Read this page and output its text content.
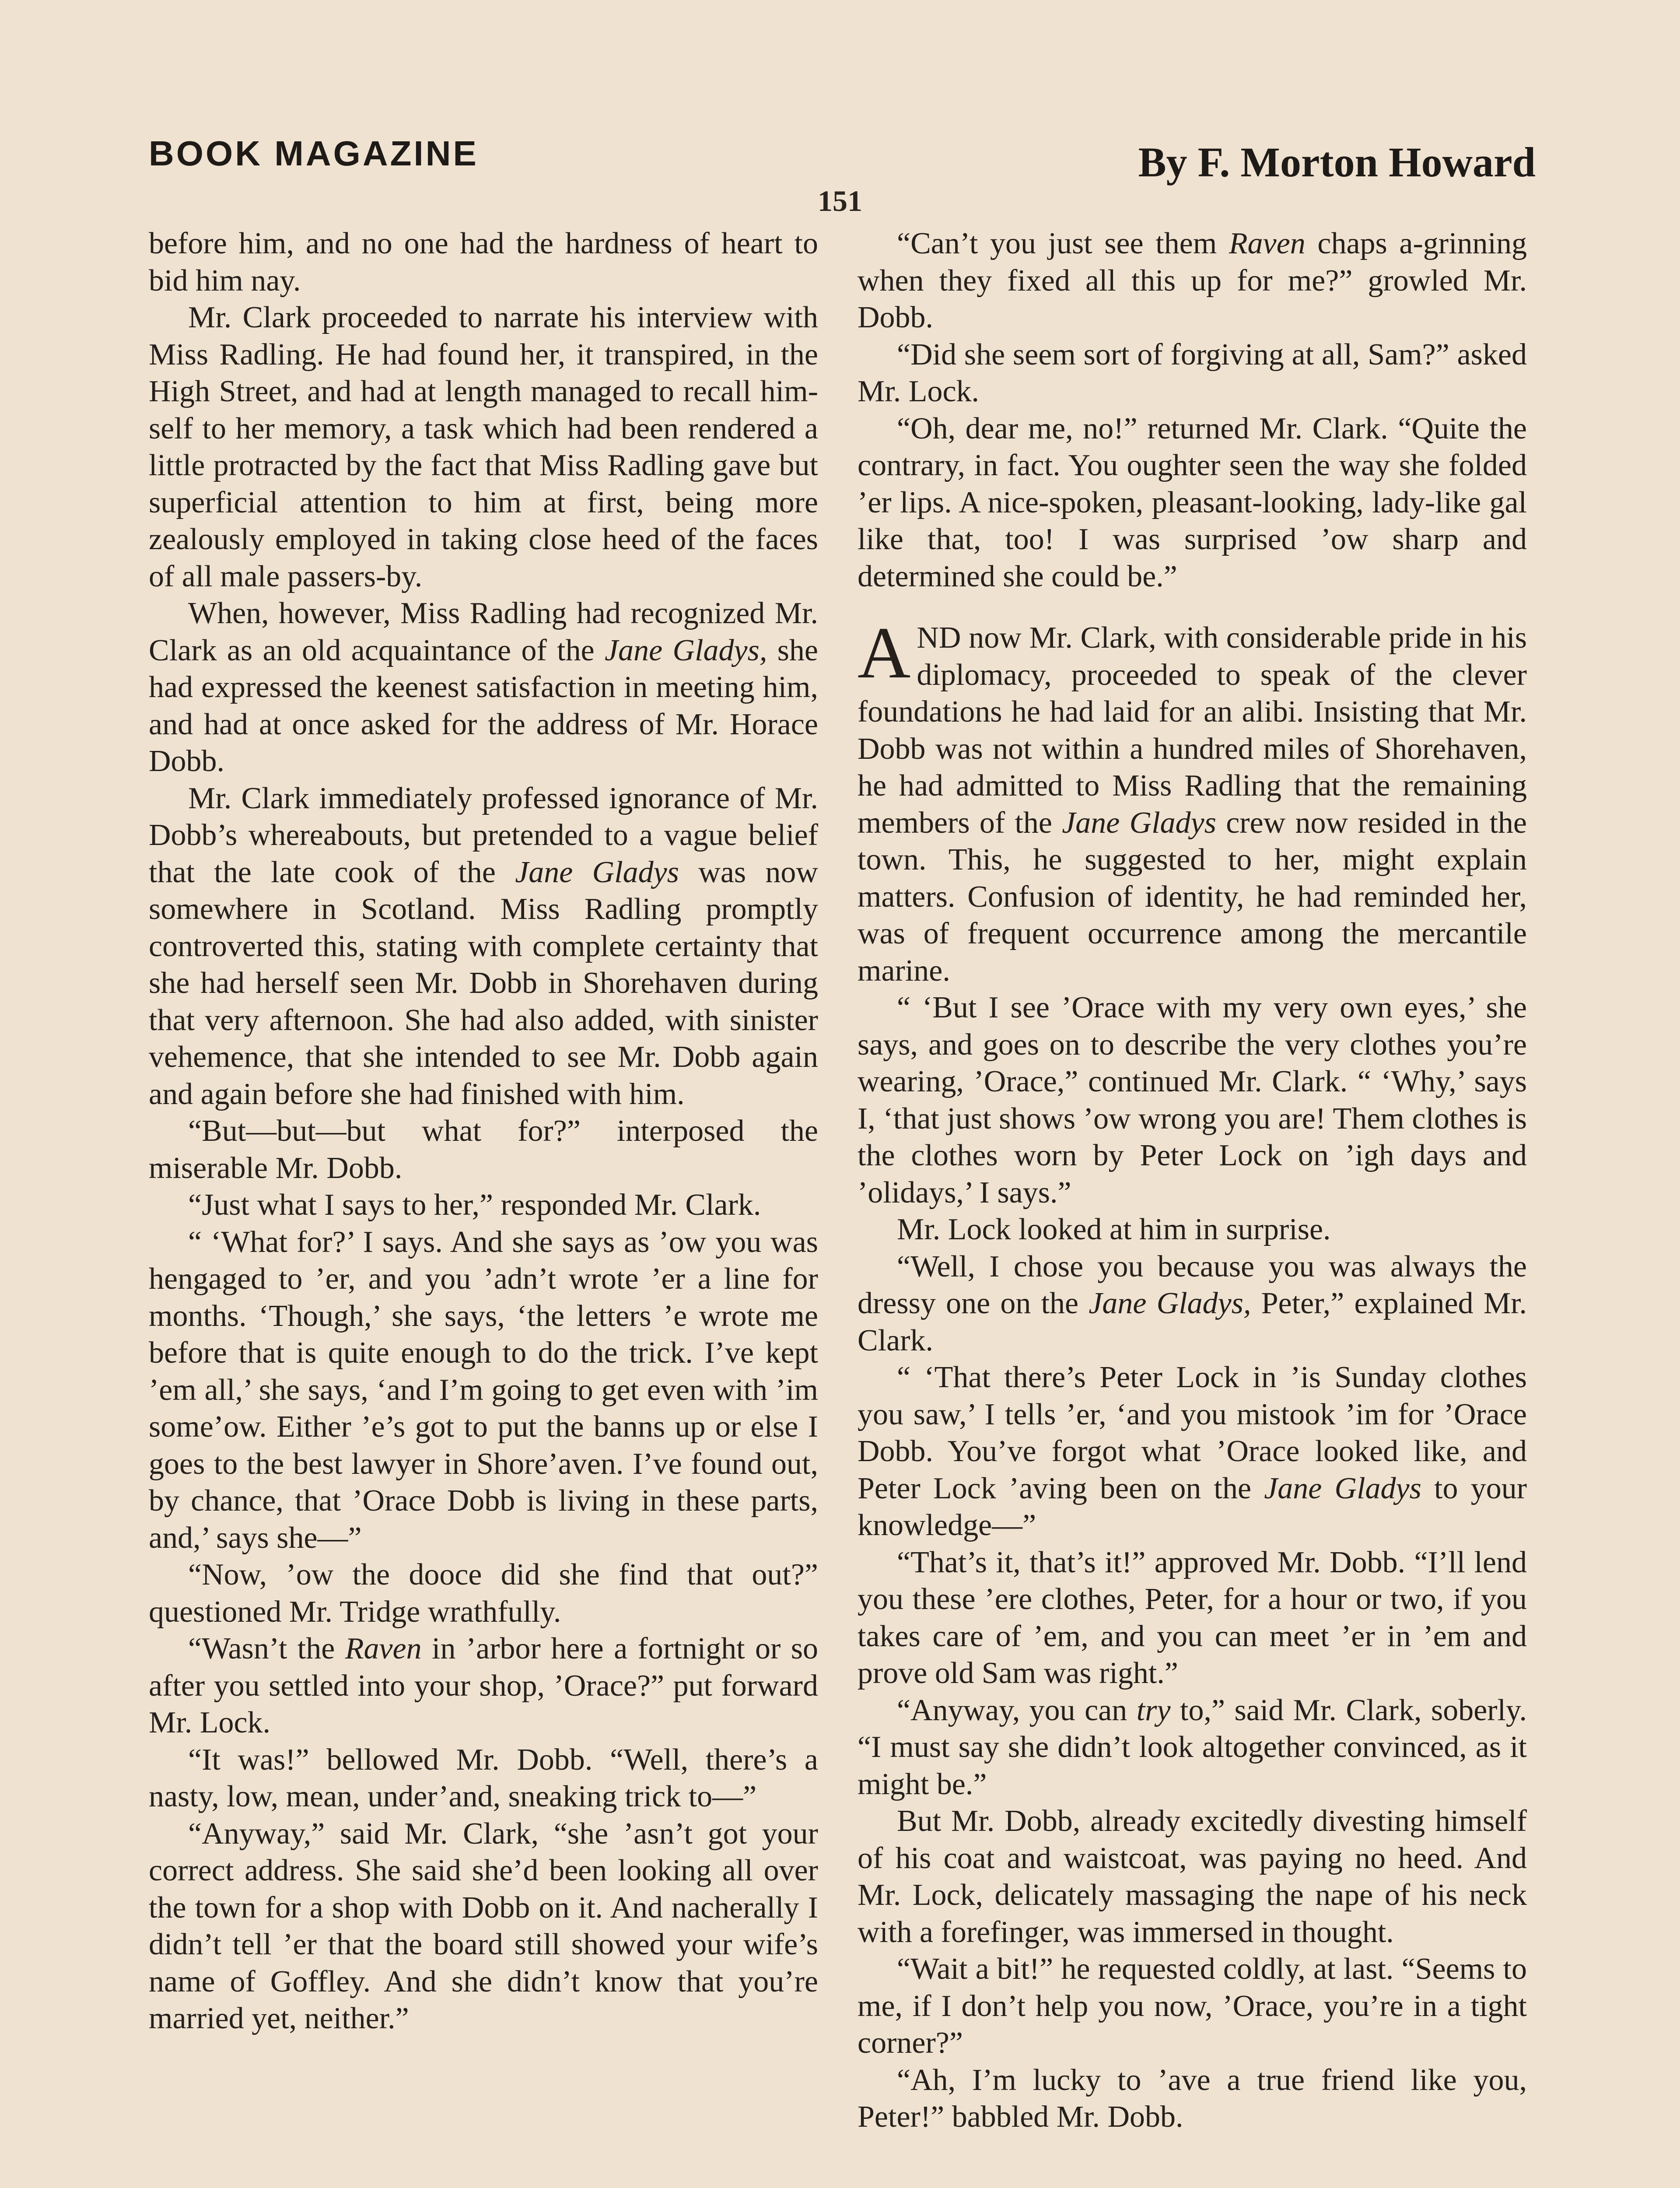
BOOK MAGAZINE	By F. Morton Howard
151

before him, and no one had the hardness of heart to bid him nay.

Mr. Clark proceeded to narrate his interview with Miss Radling. He had found her, it transpired, in the High Street, and had at length managed to recall himself to her memory, a task which had been rendered a little protracted by the fact that Miss Radling gave but superficial attention to him at first, being more zealously employed in taking close heed of the faces of all male passers-by.

When, however, Miss Radling had recognized Mr. Clark as an old acquaintance of the Jane Gladys, she had expressed the keenest satisfaction in meeting him, and had at once asked for the address of Mr. Horace Dobb.

Mr. Clark immediately professed ignorance of Mr. Dobb’s whereabouts, but pretended to a vague belief that the late cook of the Jane Gladys was now somewhere in Scotland. Miss Radling promptly controverted this, stating with complete certainty that she had herself seen Mr. Dobb in Shorehaven during that very afternoon. She had also added, with sinister vehemence, that she intended to see Mr. Dobb again and again before she had finished with him.

“But—but—but what for?” interposed the miserable Mr. Dobb.

“Just what I says to her,” responded Mr. Clark.

“ ‘What for?’ I says. And she says as ’ow you was hengaged to ’er, and you ’adn’t wrote ’er a line for months. ‘Though,’ she says, ‘the letters ’e wrote me before that is quite enough to do the trick. I’ve kept ’em all,’ she says, ‘and I’m going to get even with ’im some’ow. Either ’e’s got to put the banns up or else I goes to the best lawyer in Shore’aven. I’ve found out, by chance, that ’Orace Dobb is living in these parts, and,’ says she—”

“Now, ’ow the dooce did she find that out?” questioned Mr. Tridge wrathfully.

“Wasn’t the Raven in ’arbor here a fortnight or so after you settled into your shop, ’Orace?” put forward Mr. Lock.

“It was!” bellowed Mr. Dobb. “Well, there’s a nasty, low, mean, under’and, sneaking trick to—”

“Anyway,” said Mr. Clark, “she ’asn’t got your correct address. She said she’d been looking all over the town for a shop with Dobb on it. And nacherally I didn’t tell ’er that the board still showed your wife’s name of Goffley. And she didn’t know that you’re married yet, neither.”

“Can’t you just see them Raven chaps a-grinning when they fixed all this up for me?” growled Mr. Dobb.

“Did she seem sort of forgiving at all, Sam?” asked Mr. Lock.

“Oh, dear me, no!” returned Mr. Clark. “Quite the contrary, in fact. You oughter seen the way she folded ’er lips. A nice-spoken, pleasant-looking, lady-like gal like that, too! I was surprised ’ow sharp and determined she could be.”

AND now Mr. Clark, with considerable pride in his diplomacy, proceeded to speak of the clever foundations he had laid for an alibi. Insisting that Mr. Dobb was not within a hundred miles of Shorehaven, he had admitted to Miss Radling that the remaining members of the Jane Gladys crew now resided in the town. This, he suggested to her, might explain matters. Confusion of identity, he had reminded her, was of frequent occurrence among the mercantile marine.

“ ‘But I see ’Orace with my very own eyes,’ she says, and goes on to describe the very clothes you’re wearing, ’Orace,” continued Mr. Clark. “ ‘Why,’ says I, ‘that just shows ’ow wrong you are! Them clothes is the clothes worn by Peter Lock on ’igh days and ’olidays,’ I says.”

Mr. Lock looked at him in surprise.

“Well, I chose you because you was always the dressy one on the Jane Gladys, Peter,” explained Mr. Clark.

“ ‘That there’s Peter Lock in ’is Sunday clothes you saw,’ I tells ’er, ‘and you mistook ’im for ’Orace Dobb. You’ve forgot what ’Orace looked like, and Peter Lock ’aving been on the Jane Gladys to your knowledge—”

“That’s it, that’s it!” approved Mr. Dobb. “I’ll lend you these ’ere clothes, Peter, for a hour or two, if you takes care of ’em, and you can meet ’er in ’em and prove old Sam was right.”

“Anyway, you can try to,” said Mr. Clark, soberly. “I must say she didn’t look altogether convinced, as it might be.”

But Mr. Dobb, already excitedly divesting himself of his coat and waistcoat, was paying no heed. And Mr. Lock, delicately massaging the nape of his neck with a forefinger, was immersed in thought.

“Wait a bit!” he requested coldly, at last. “Seems to me, if I don’t help you now, ’Orace, you’re in a tight corner?”

“Ah, I’m lucky to ’ave a true friend like you, Peter!” babbled Mr. Dobb.
